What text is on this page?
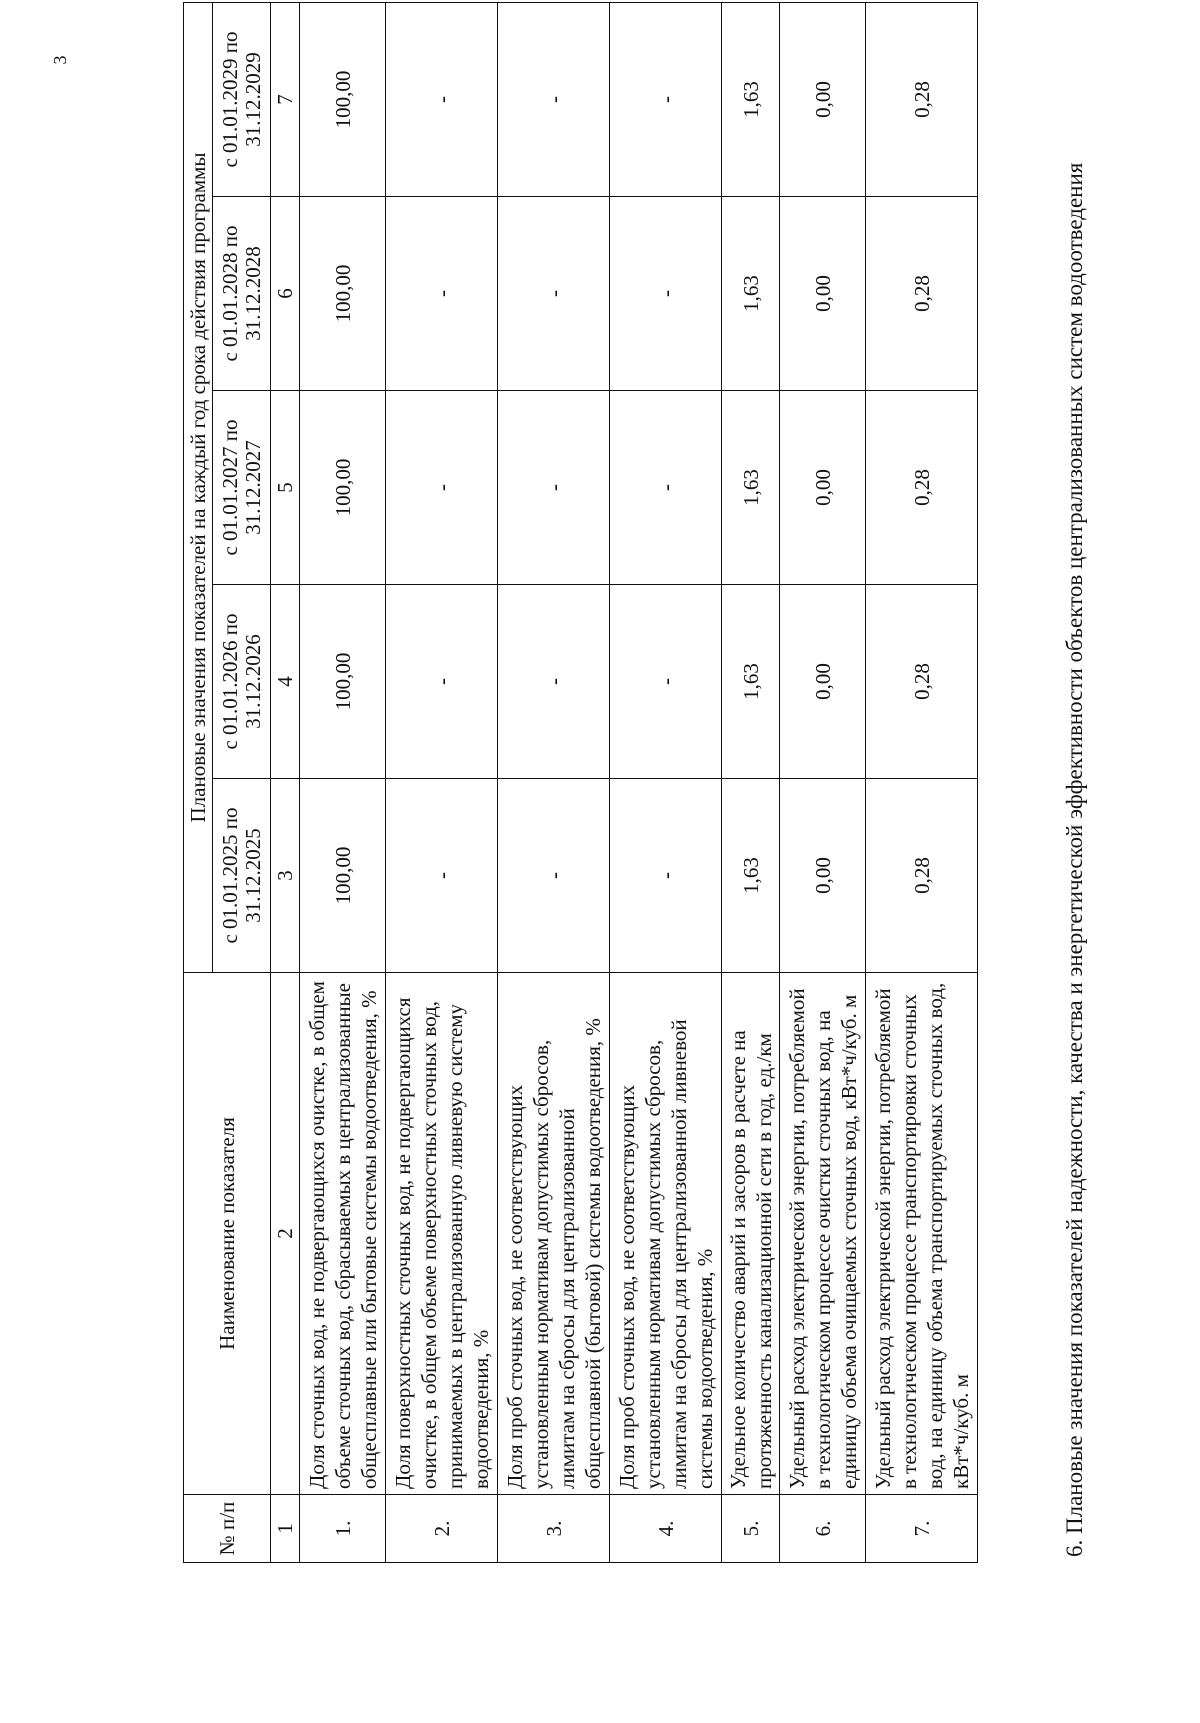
3
№ п/п	Наименование показателя	Плановые значения показателей на каждый год срока действия программы				
		с 01.01.2025 по 31.12.2025	с 01.01.2026 по 31.12.2026	с 01.01.2027 по 31.12.2027	с 01.01.2028 по 31.12.2028	с 01.01.2029 по 31.12.2029
1	2	3	4	5	6	7
1.	Доля сточных вод, не подвергающихся очистке, в общем объеме сточных вод, сбрасываемых в централизованные общесплавные или бытовые системы водоотведения, %	100,00	100,00	100,00	100,00	100,00
2.	Доля поверхностных сточных вод, не подвергающихся очистке, в общем объеме поверхностных сточных вод, принимаемых в централизованную ливневую систему водоотведения, %	-	-	-	-	-
3.	Доля проб сточных вод, не соответствующих установленным нормативам допустимых сбросов, лимитам на сбросы для централизованной общесплавной (бытовой) системы водоотведения, %	-	-	-	-	-
4.	Доля проб сточных вод, не соответствующих установленным нормативам допустимых сбросов, лимитам на сбросы для централизованной ливневой системы водоотведения, %	-	-	-	-	-
5.	Удельное количество аварий и засоров в расчете на протяженность канализационной сети в год, ед./км	1,63	1,63	1,63	1,63	1,63
6.	Удельный расход электрической энергии, потребляемой в технологическом процессе очистки сточных вод, на единицу объема очищаемых сточных вод, кВт*ч/куб. м	0,00	0,00	0,00	0,00	0,00
7.	Удельный расход электрической энергии, потребляемой в технологическом процессе транспортировки сточных вод, на единицу объема транспортируемых сточных вод, кВт*ч/куб. м	0,28	0,28	0,28	0,28	0,28
6. Плановые значения показателей надежности, качества и энергетической эффективности объектов централизованных систем водоотведения
